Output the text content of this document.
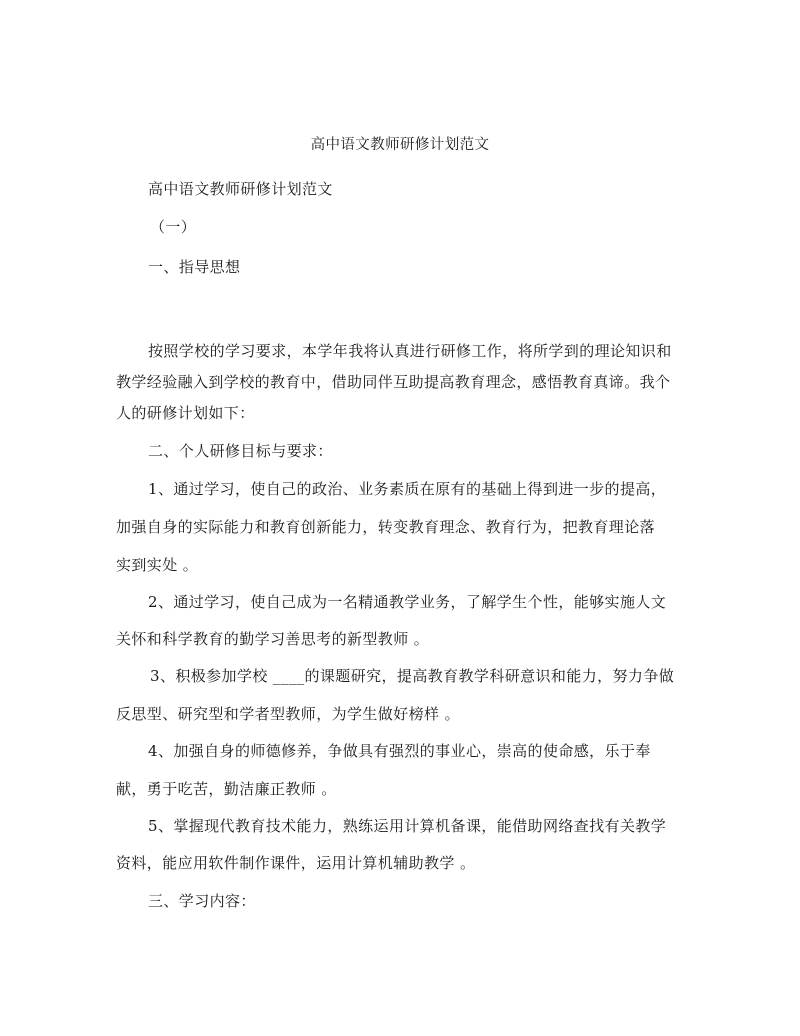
高中语文教师研修计划范文
高中语文教师研修计划范文
（一）
一、指导思想
按照学校的学习要求，本学年我将认真进行研修工作，将所学到的理论知识和
教学经验融入到学校的教育中，借助同伴互助提高教育理念，感悟教育真谛。我个
人的研修计划如下：
二、个人研修目标与要求：
1、通过学习，使自己的政治、业务素质在原有的基础上得到进一步的提高，
加强自身的实际能力和教育创新能力，转变教育理念、教育行为，把教育理论落
实到实处 。
2、通过学习，使自己成为一名精通教学业务，了解学生个性，能够实施人文
关怀和科学教育的勤学习善思考的新型教师 。
3、积极参加学校 ____的课题研究，提高教育教学科研意识和能力，努力争做
反思型、研究型和学者型教师，为学生做好榜样 。
4、加强自身的师德修养，争做具有强烈的事业心，崇高的使命感，乐于奉
献，勇于吃苦，勤洁廉正教师 。
5、掌握现代教育技术能力，熟练运用计算机备课，能借助网络查找有关教学
资料，能应用软件制作课件，运用计算机辅助教学 。
三、学习内容：
